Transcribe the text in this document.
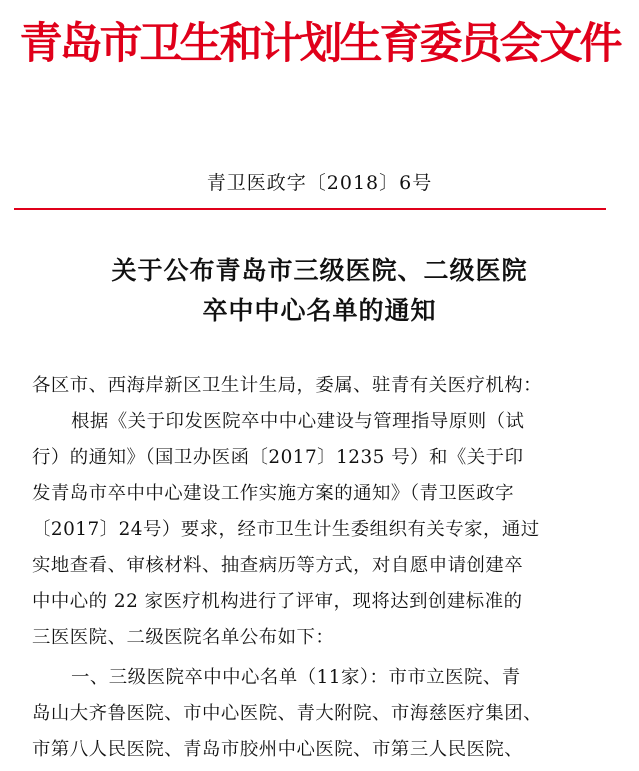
青岛市卫生和计划生育委员会文件
青卫医政字〔2018〕6号
关于公布青岛市三级医院、二级医院
卒中中心名单的通知
各区市、西海岸新区卫生计生局，委属、驻青有关医疗机构：
根据《关于印发医院卒中中心建设与管理指导原则（试
行）的通知》（国卫办医函〔2017〕1235 号）和《关于印
发青岛市卒中中心建设工作实施方案的通知》（青卫医政字
〔2017〕24号）要求，经市卫生计生委组织有关专家，通过
实地查看、审核材料、抽查病历等方式，对自愿申请创建卒
中中心的 22 家医疗机构进行了评审，现将达到创建标准的
三医医院、二级医院名单公布如下：
一、三级医院卒中中心名单（11家）：市市立医院、青
岛山大齐鲁医院、市中心医院、青大附院、市海慈医疗集团、
市第八人民医院、青岛市胶州中心医院、市第三人民医院、
